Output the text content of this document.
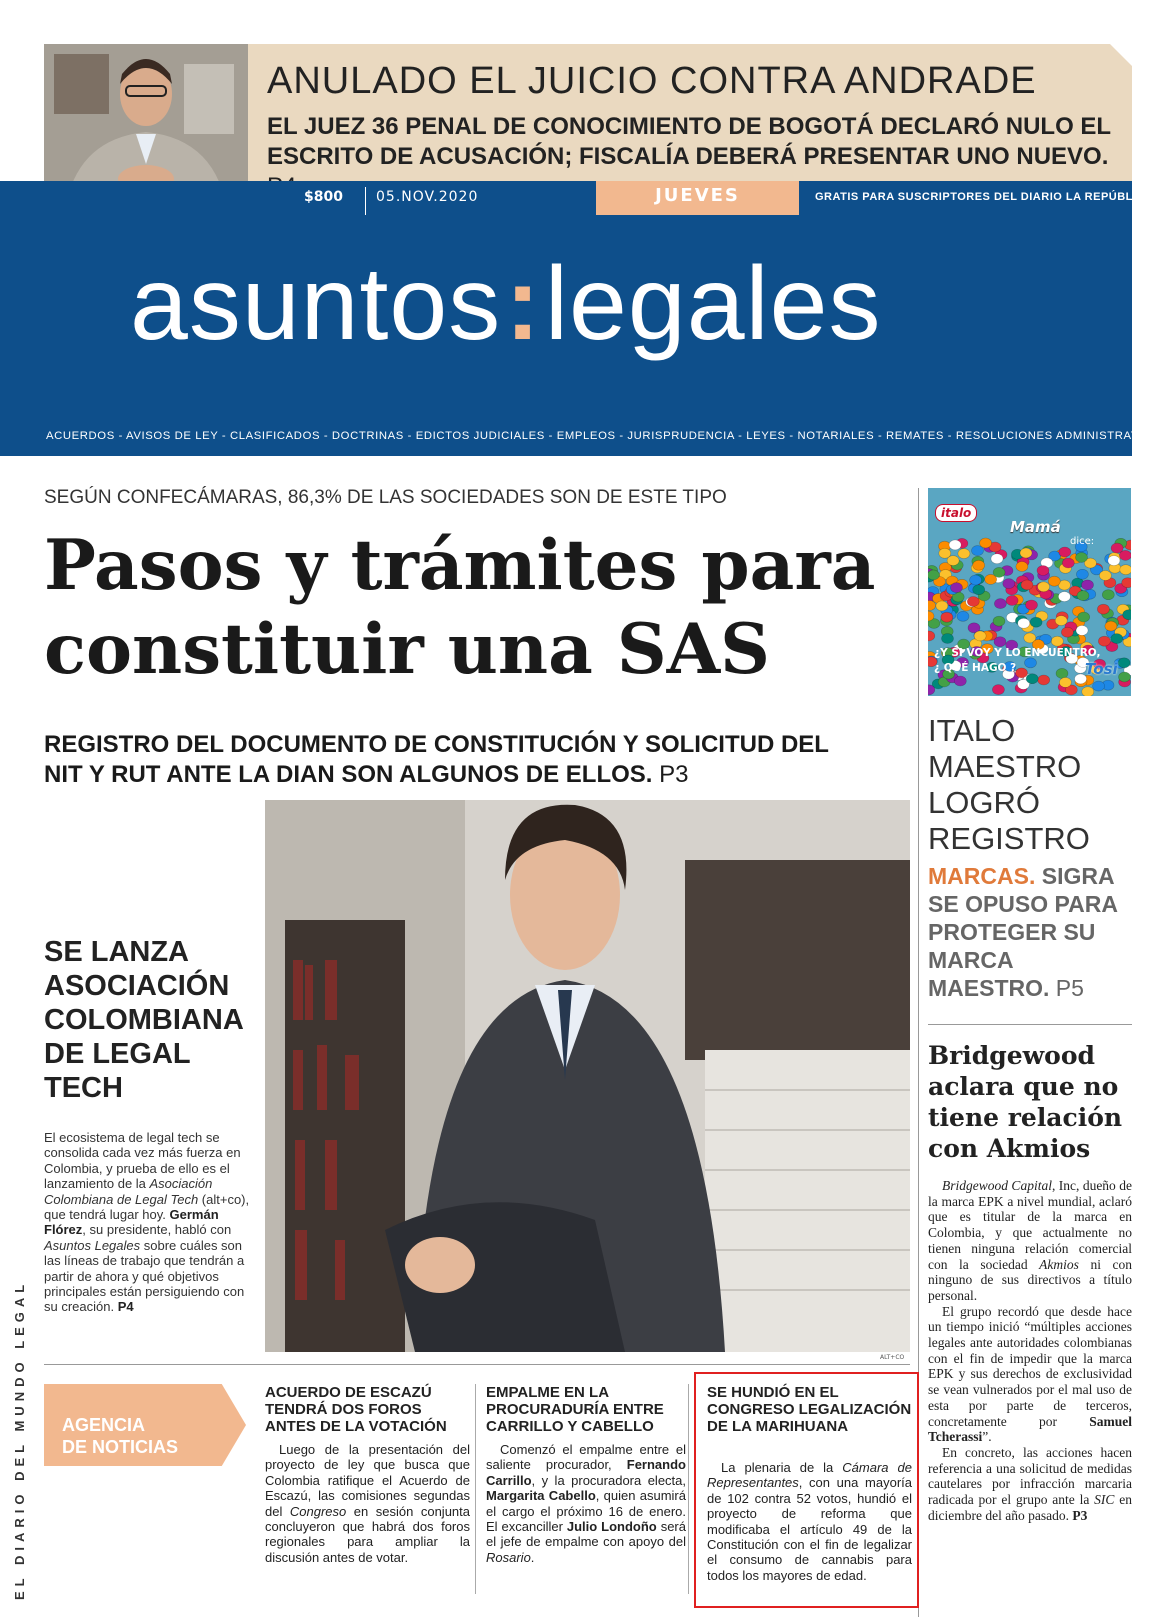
ANULADO EL JUICIO CONTRA ANDRADE
EL JUEZ 36 PENAL DE CONOCIMIENTO DE BOGOTÁ DECLARÓ NULO EL ESCRITO DE ACUSACIÓN; FISCALÍA DEBERÁ PRESENTAR UNO NUEVO.
$800 05.NOV.2020	JUEVES	GRATIS PARA SUSCRIPTORES DEL DIARIO LA REPÚBLICA
asuntos:legales
ACUERDOS - AVISOS DE LEY - CLASIFICADOS - DOCTRINAS - EDICTOS JUDICIALES - EMPLEOS - JURISPRUDENCIA - LEYES - NOTARIALES - REMATES - RESOLUCIONES ADMINISTRATIVAS
SEGÚN CONFECÁMARAS, 86,3% DE LAS SOCIEDADES SON DE ESTE TIPO
Pasos y trámites para constituir una SAS
REGISTRO DEL DOCUMENTO DE CONSTITUCIÓN Y SOLICITUD DEL NIT Y RUT ANTE LA DIAN SON ALGUNOS DE ELLOS. P3
ALT+CO
SE LANZA ASOCIACIÓN COLOMBIANA DE LEGAL TECH
El ecosistema de legal tech se consolida cada vez más fuerza en Colombia, y prueba de ello es el lanzamiento de la Asociación Colombiana de Legal Tech (alt+co), que tendrá lugar hoy. Germán Flórez, su presidente, habló con Asuntos Legales sobre cuáles son las líneas de trabajo que tendrán a partir de ahora y qué objetivos principales están persiguiendo con su creación. P4
italo
Mamá
dice:
¿Y SI VOY Y LO ENCUENTRO,
¿ QUÉ HAGO ?	Tosi
ITALO MAESTRO LOGRÓ REGISTRO
MARCAS. SIGRA SE OPUSO PARA PROTEGER SU MARCA MAESTRO. P5
Bridgewood aclara que no tiene relación con Akmios

Bridgewood Capital, Inc, dueño de la marca EPK a nivel mundial, aclaró que es titular de la marca en Colombia, y que actualmente no tienen ninguna relación comercial con la sociedad Akmios ni con ninguno de sus directivos a título personal.

El grupo recordó que desde hace un tiempo inició “múltiples acciones legales ante autoridades colombianas con el fin de impedir que la marca EPK y sus derechos de exclusividad se vean vulnerados por el mal uso de esta por parte de terceros, concretamente por Samuel Tcherassi”.

En concreto, las acciones hacen referencia a una solicitud de medidas cautelares por infracción marcaria radicada por el grupo ante la SIC en diciembre del año pasado. P3

EL DIARIO DEL MUNDO LEGAL AGENCIA
DE NOTICIAS
ACUERDO DE ESCAZÚ TENDRÁ DOS FOROS ANTES DE LA VOTACIÓN
Luego de la presentación del proyecto de ley que busca que Colombia ratifique el Acuerdo de Escazú, las comisiones segundas del Congreso en sesión conjunta concluyeron que habrá dos foros regionales para ampliar la discusión antes de votar.
EMPALME EN LA PROCURADURÍA ENTRE CARRILLO Y CABELLO
Comenzó el empalme entre el saliente procurador, Fernando Carrillo, y la procuradora electa, Margarita Cabello, quien asumirá el cargo el próximo 16 de enero. El excanciller Julio Londoño será el jefe de empalme con apoyo del Rosario.
SE HUNDIÓ EN EL CONGRESO LEGALIZACIÓN DE LA MARIHUANA
La plenaria de la Cámara de Representantes, con una mayoría de 102 contra 52 votos, hundió el proyecto de reforma que modificaba el artículo 49 de la Constitución con el fin de legalizar el consumo de cannabis para todos los mayores de edad.
